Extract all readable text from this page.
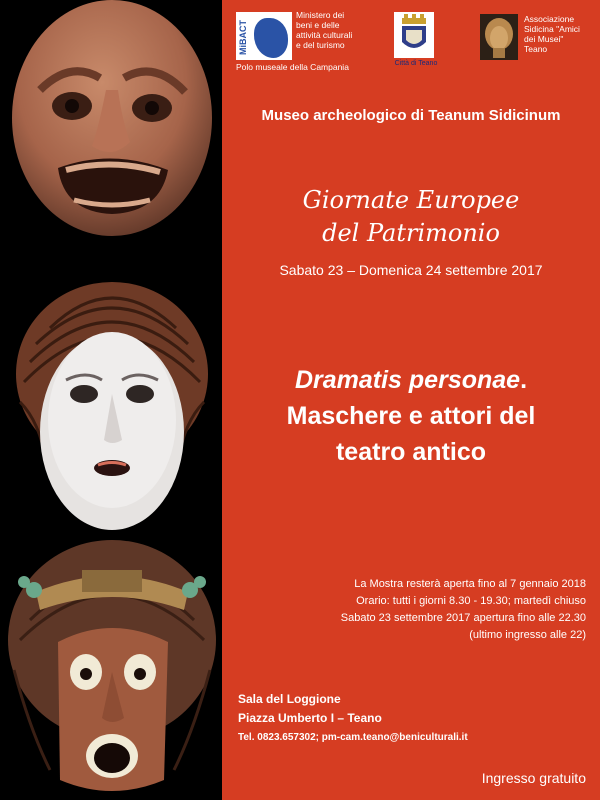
MiBACT
Ministero dei
beni e delle
attività culturali
e del turismo
Polo museale della Campania	Città di Teano
Associazione
Sidicina "Amici
dei Musei"
Teano
Museo archeologico di Teanum Sidicinum
Giornate Europee
del Patrimonio
Sabato 23 – Domenica 24 settembre 2017
Dramatis personae.
Maschere e attori del
teatro antico
La Mostra resterà aperta fino al 7 gennaio 2018
Orario: tutti i giorni 8.30 - 19.30; martedì chiuso
Sabato 23 settembre 2017 apertura fino alle 22.30
(ultimo ingresso alle 22)
Sala del Loggione
Piazza Umberto I – Teano
Tel. 0823.657302; pm-cam.teano@beniculturali.it
Ingresso gratuito
